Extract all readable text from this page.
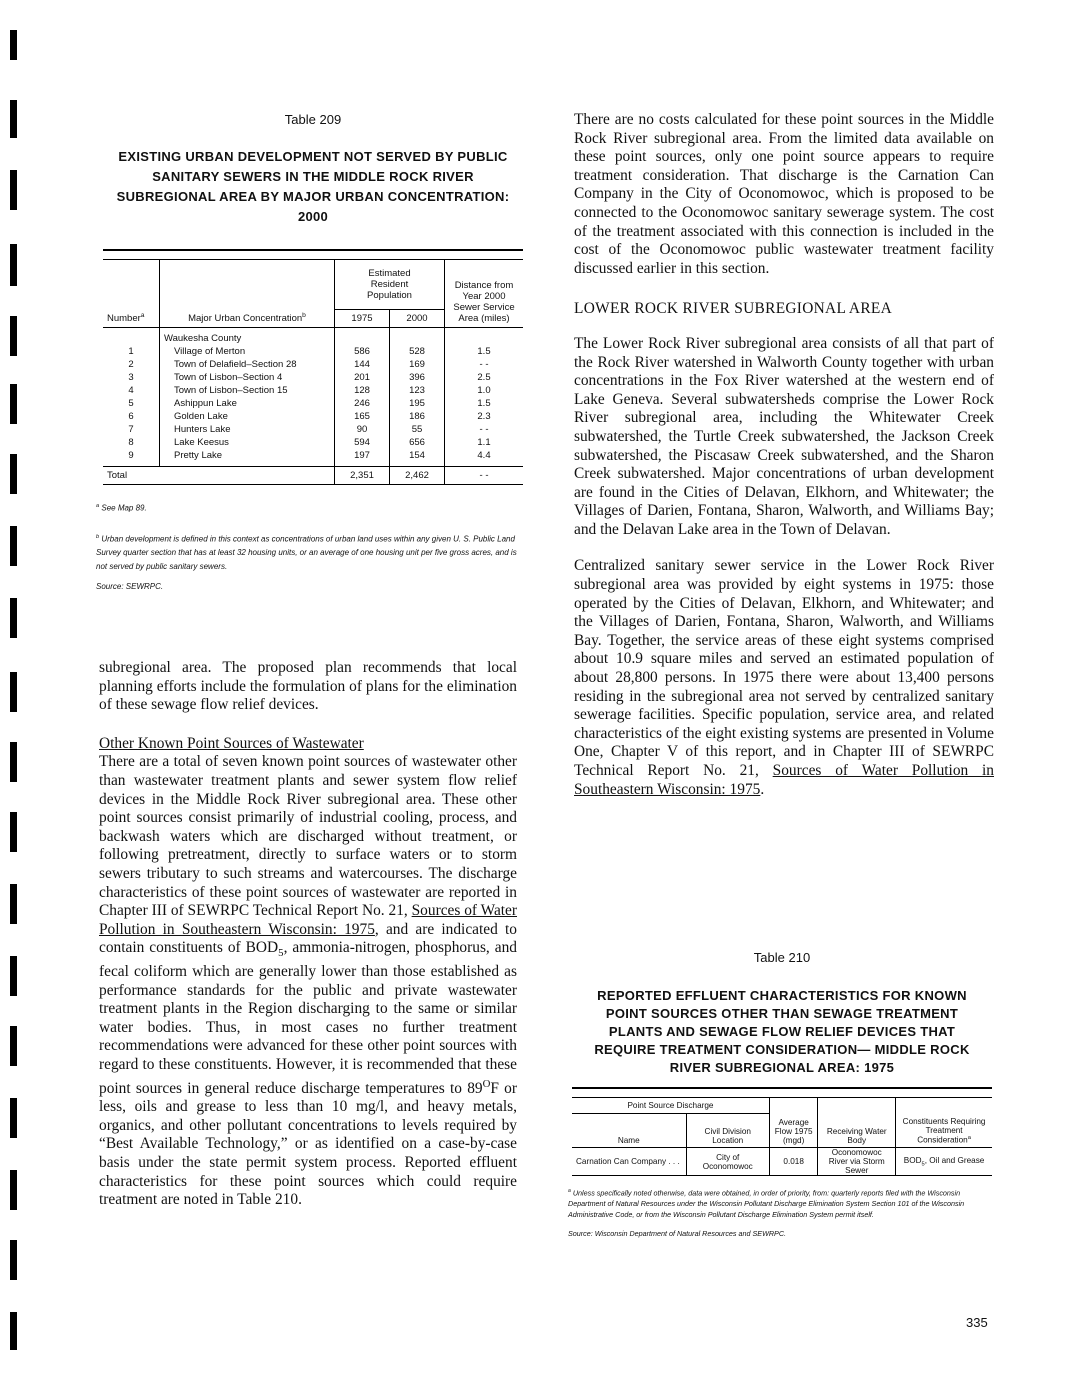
Table 209
EXISTING URBAN DEVELOPMENT NOT SERVED BY PUBLIC SANITARY SEWERS IN THE MIDDLE ROCK RIVER SUBREGIONAL AREA BY MAJOR URBAN CONCENTRATION: 2000
Number$^a$	Major Urban Concentration$^b$	Estimated Resident Population		Distance from Year 2000 Sewer Service Area (miles)
		1975	2000	
	Waukesha County			
1	Village of Merton	586	528	1.5
2	Town of Delafield–Section 28	144	169	- -
3	Town of Lisbon–Section 4	201	396	2.5
4	Town of Lisbon–Section 15	128	123	1.0
5	Ashippun Lake	246	195	1.5
6	Golden Lake	165	186	2.3
7	Hunters Lake	90	55	- -
8	Lake Keesus	594	656	1.1
9	Pretty Lake	197	154	4.4

Total		2,351	2,462	- -

$^a$ See Map 89.

$^b$ Urban development is defined in this context as concentrations of urban land uses within any given U. S. Public Land Survey quarter section that has at least 32 housing units, or an average of one housing unit per five gross acres, and is not served by public sanitary sewers.

Source: SEWRPC.

subregional area. The proposed plan recommends that local planning efforts include the formulation of plans for the elimination of these sewage flow relief devices.

Other Known Point Sources of Wastewater

There are a total of seven known point sources of wastewater other than wastewater treatment plants and sewer system flow relief devices in the Middle Rock River subregional area. These other point sources consist primarily of industrial cooling, process, and backwash waters which are discharged without treatment, or following pretreatment, directly to surface waters or to storm sewers tributary to such streams and watercourses. The discharge characteristics of these point sources of wastewater are reported in Chapter III of SEWRPC Technical Report No. 21, Sources of Water Pollution in Southeastern Wisconsin: 1975, and are indicated to contain constituents of $BOD_5$, ammonia-nitrogen, phosphorus, and fecal coliform which are generally lower than those established as performance standards for the public and private wastewater treatment plants in the Region discharging to the same or similar water bodies. Thus, in most cases no further treatment recommendations were advanced for these other point sources with regard to these constituents. However, it is recommended that these point sources in general reduce discharge temperatures to $89^OF$ or less, oils and grease to less than 10 mg/l, and heavy metals, organics, and other pollutant concentrations to levels required by “Best Available Technology,” or as identified on a case-by-case basis under the state permit system process. Reported effluent characteristics for these point sources which could require treatment are noted in Table 210.

There are no costs calculated for these point sources in the Middle Rock River subregional area. From the limited data available on these point sources, only one point source appears to require treatment consideration. That discharge is the Carnation Can Company in the City of Oconomowoc, which is proposed to be connected to the Oconomowoc sanitary sewerage system. The cost of the treatment associated with this connection is included in the cost of the Oconomowoc public wastewater treatment facility discussed earlier in this section.

LOWER ROCK RIVER SUBREGIONAL AREA

The Lower Rock River subregional area consists of all that part of the Rock River watershed in Walworth County together with urban concentrations in the Fox River watershed at the western end of Lake Geneva. Several subwatersheds comprise the Lower Rock River subregional area, including the Whitewater Creek subwatershed, the Turtle Creek subwatershed, the Jackson Creek subwatershed, the Piscasaw Creek subwatershed, and the Sharon Creek subwatershed. Major concentrations of urban development are found in the Cities of Delavan, Elkhorn, and Whitewater; the Villages of Darien, Fontana, Sharon, Walworth, and Williams Bay; and the Delavan Lake area in the Town of Delavan.

Centralized sanitary sewer service in the Lower Rock River subregional area was provided by eight systems in 1975: those operated by the Cities of Delavan, Elkhorn, and Whitewater; and the Villages of Darien, Fontana, Sharon, Walworth, and Williams Bay. Together, the service areas of these eight systems comprised about 10.9 square miles and served an estimated population of about 28,800 persons. In 1975 there were about 13,400 persons residing in the subregional area not served by centralized sanitary sewerage facilities. Specific population, service area, and related characteristics of the eight existing systems are presented in Volume One, Chapter V of this report, and in Chapter III of SEWRPC Technical Report No. 21, Sources of Water Pollution in Southeastern Wisconsin: 1975.

Table 210
REPORTED EFFLUENT CHARACTERISTICS FOR KNOWN POINT SOURCES OTHER THAN SEWAGE TREATMENT PLANTS AND SEWAGE FLOW RELIEF DEVICES THAT REQUIRE TREATMENT CONSIDERATION— MIDDLE ROCK RIVER SUBREGIONAL AREA: 1975
Point Source Discharge		Average Flow 1975 (mgd)	Receiving Water Body	Constituents Requiring Treatment Consideration$^a$
Name	Civil Division Location			
Carnation Can Company . . .	City of Oconomowoc	0.018	Oconomowoc River via Storm Sewer	$BOD_5$, Oil and Grease

$^a$ Unless specifically noted otherwise, data were obtained, in order of priority, from: quarterly reports filed with the Wisconsin Department of Natural Resources under the Wisconsin Pollutant Discharge Elimination System Section 101 of the Wisconsin Administrative Code, or from the Wisconsin Pollutant Discharge Elimination System permit itself.

Source: Wisconsin Department of Natural Resources and SEWRPC.

335
